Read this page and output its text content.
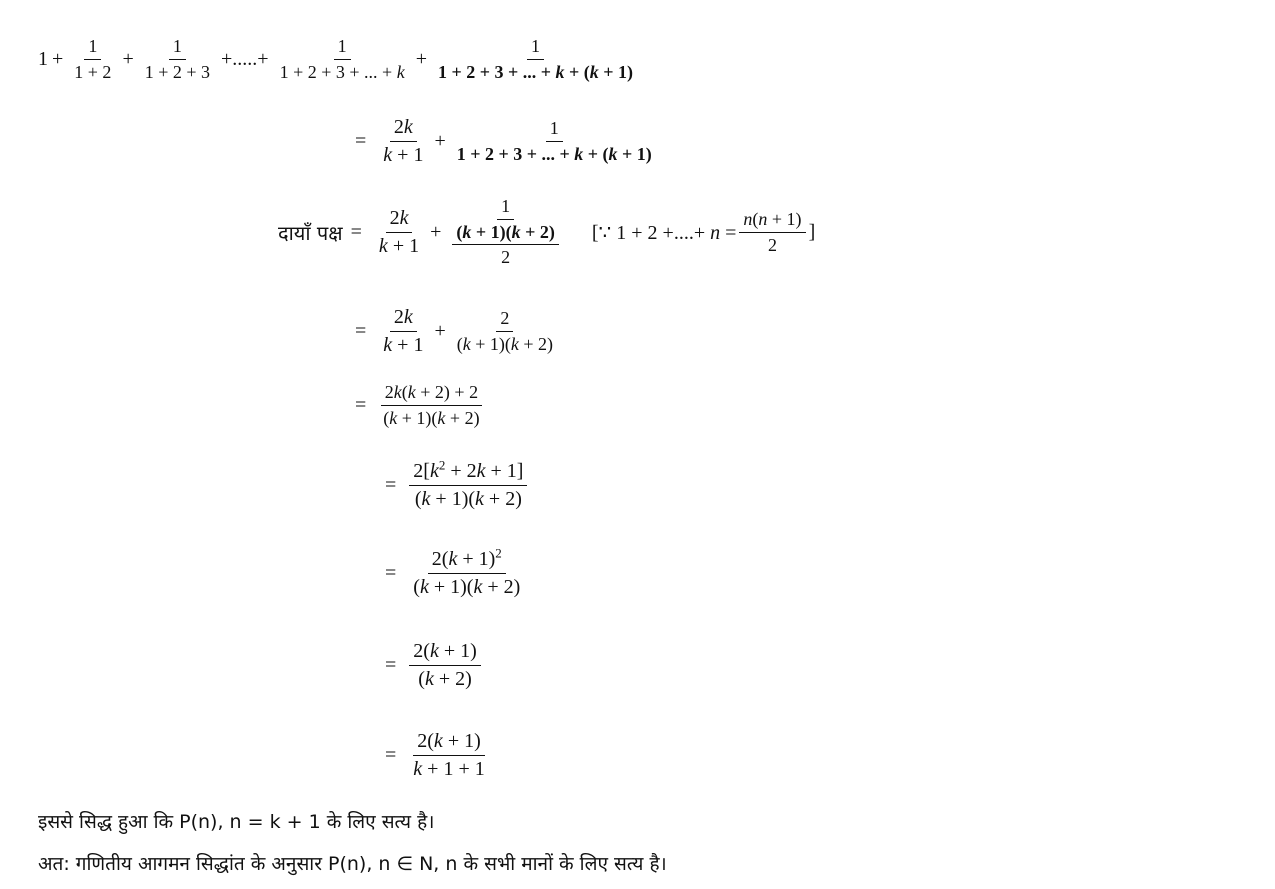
$1 + \frac{1}{1 + 2} + \frac{1}{1 + 2 + 3}$ +.....+ $\frac{1}{1 + 2 + 3 + ... + k} + \frac{1}{1 + 2 + 3 + ... + k + (k + 1)}$
= $\frac{2k}{k + 1} + \frac{1}{1 + 2 + 3 + ... + k + (k + 1)}$
दायाँ पक्ष = $\frac{2k}{k + 1} + \frac{1}{\frac{(k + 1)(k + 2)}{2}}$ [∵ 1 + 2 +....+ $n = \frac{n(n + 1)}{2}$ ]
= $\frac{2k}{k + 1} + \frac{2}{(k + 1)(k + 2)}$
= $\frac{2k(k + 2) + 2}{(k + 1)(k + 2)}$
= $\frac{2[k^2 + 2k + 1]}{(k + 1)(k + 2)}$
= $\frac{2(k + 1)^2}{(k + 1)(k + 2)}$
= $\frac{2(k + 1)}{(k + 2)}$
= $\frac{2(k + 1)}{k + 1 + 1}$
इससे सिद्ध हुआ कि P(n), n = k + 1 के लिए सत्य है।
अत: गणितीय आगमन सिद्धांत के अनुसार P(n), n ∈ N, n के सभी मानों के लिए सत्य है।
